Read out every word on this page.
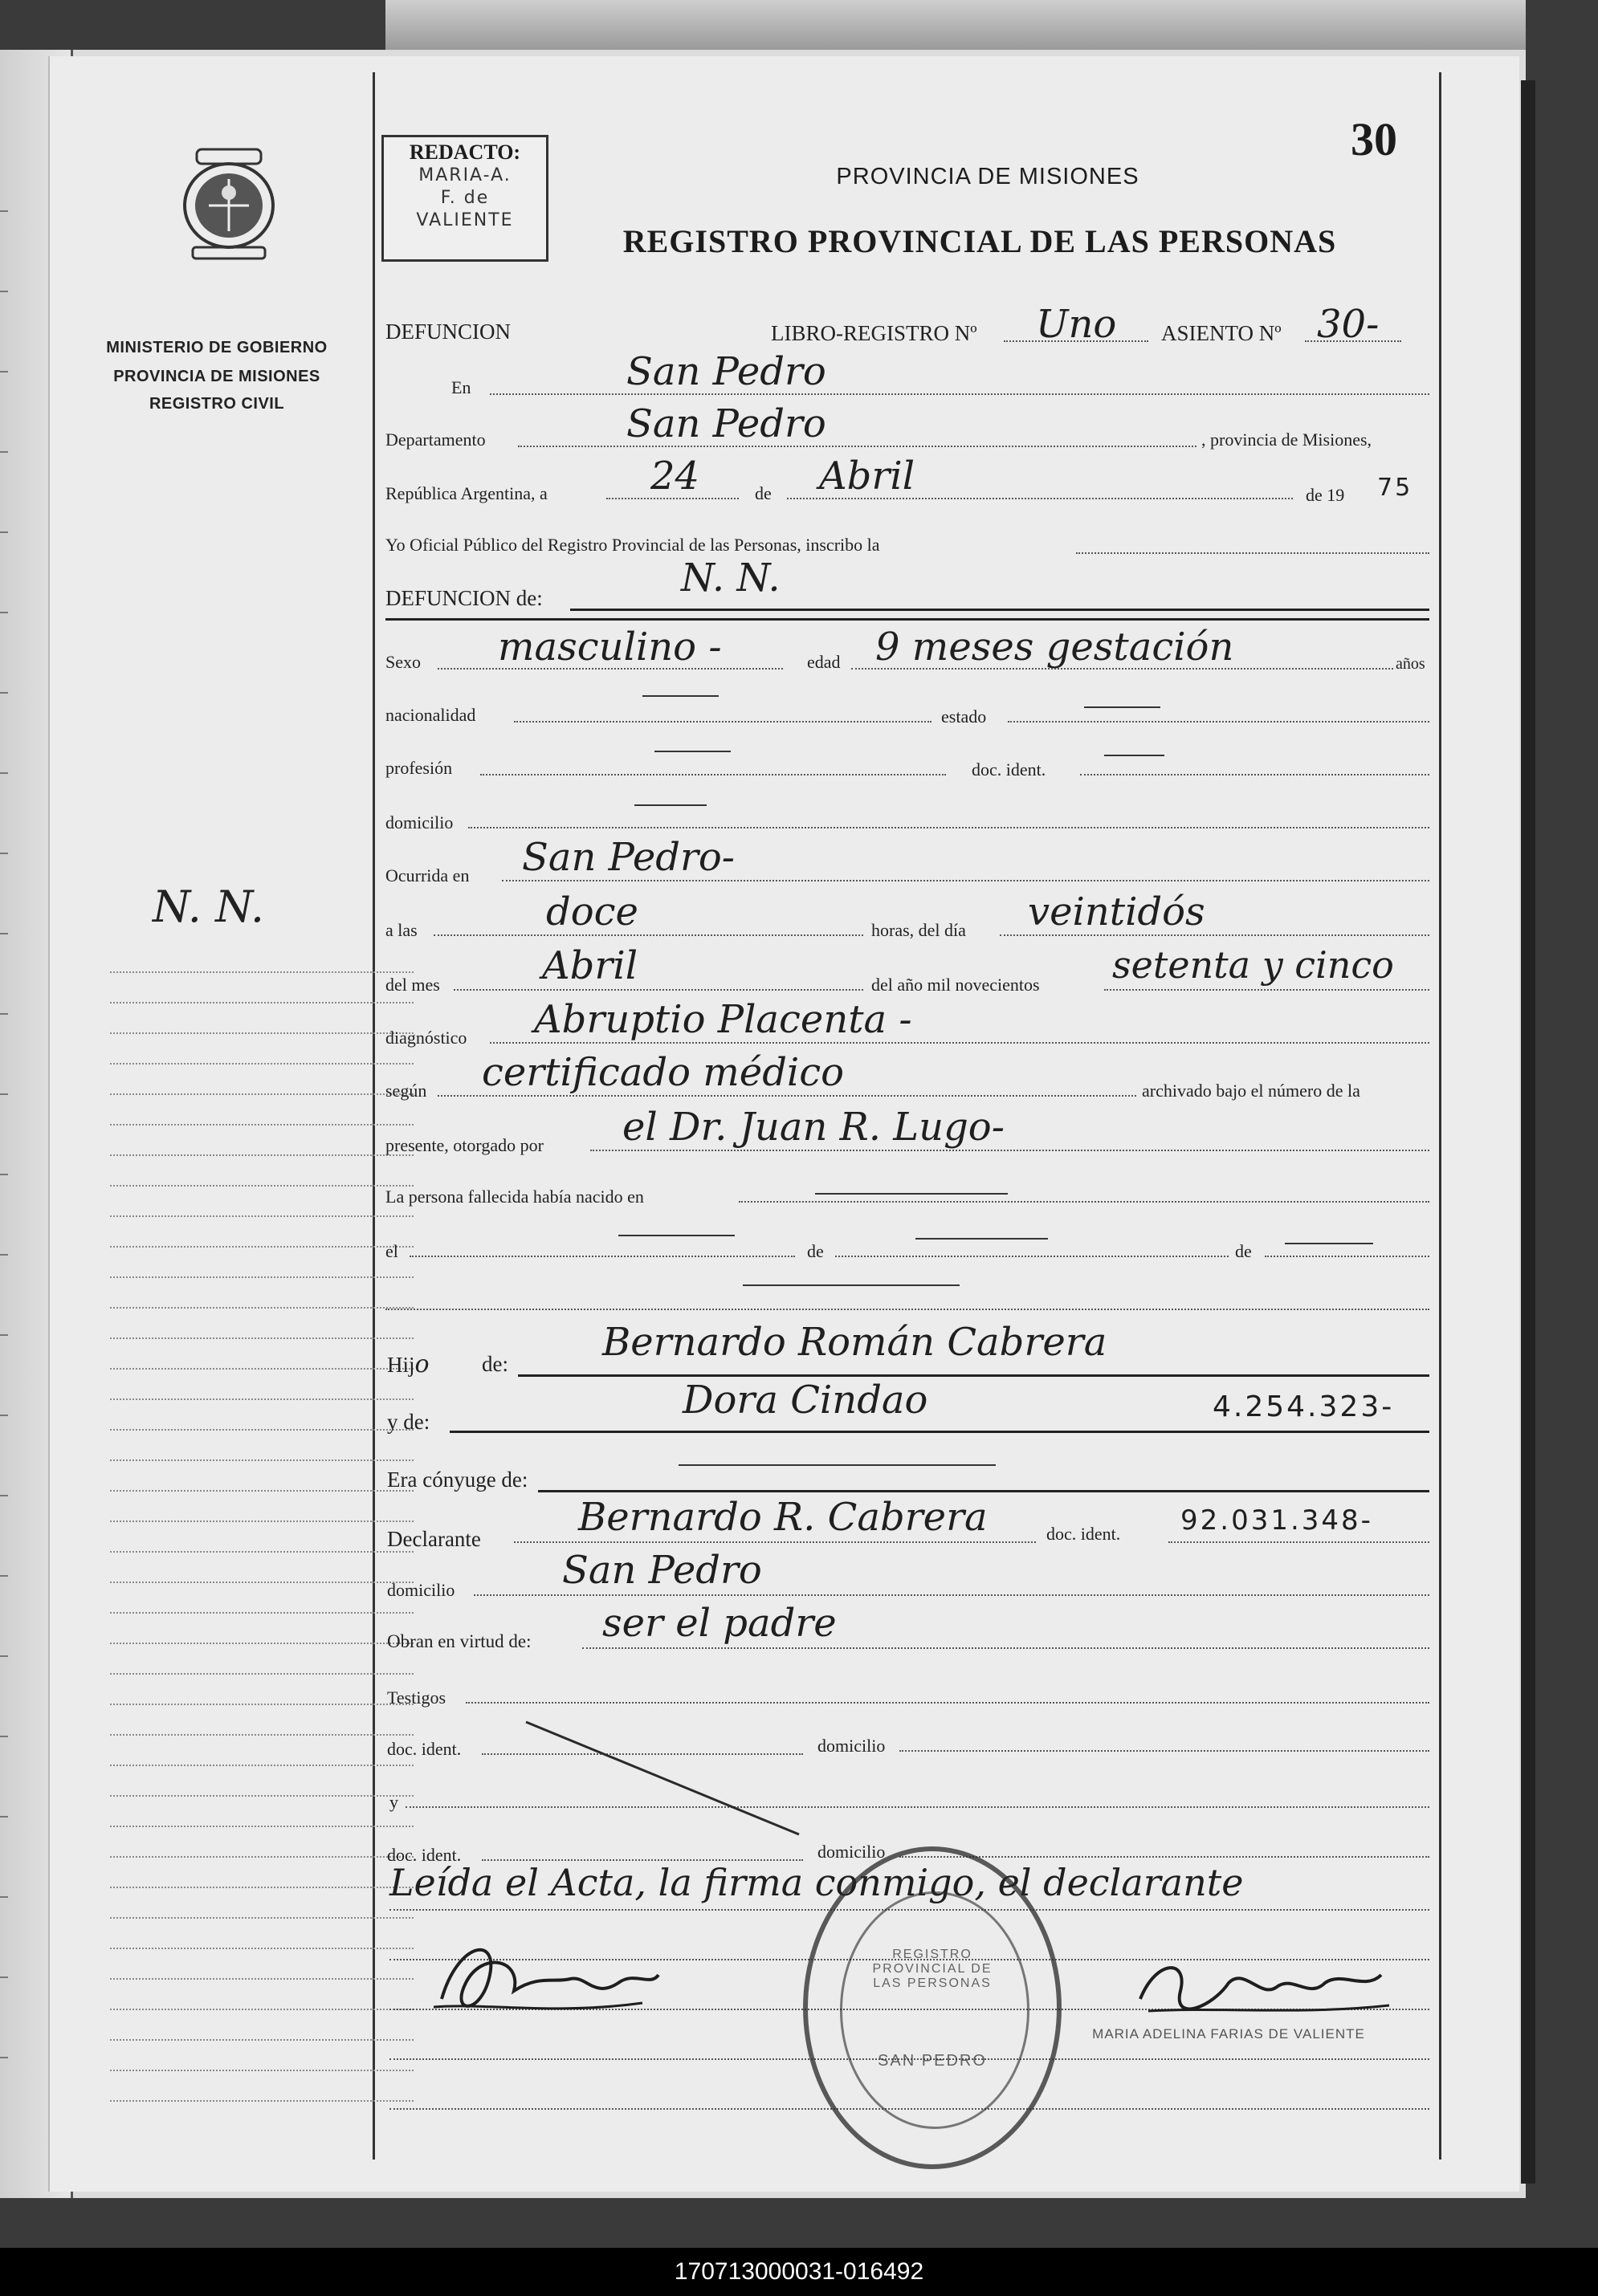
MINISTERIO DE GOBIERNO
PROVINCIA DE MISIONES
REGISTRO CIVIL
N. N.
REDACTO:
MARIA-A.
F. de
VALIENTE
30
PROVINCIA DE MISIONES
REGISTRO PROVINCIAL DE LAS PERSONAS
DEFUNCION	LIBRO-REGISTRO Nº Uno ASIENTO Nº 30-
En	San Pedro
Departamento	San Pedro	, provincia de Misiones,
República Argentina, a	24	de Abril	de 19 75
Yo Oficial Público del Registro Provincial de las Personas, inscribo la
DEFUNCION de:	N. N.
Sexo masculino -	edad 9 meses gestación	años
nacionalidad	estado
profesión	doc. ident.
domicilio
Ocurrida en San Pedro-
a las	doce	horas, del día veintidós
del mes	Abril	del año mil novecientos setenta y cinco
diagnóstico Abruptio Placenta -
según certificado médico	archivado bajo el número de la
presente, otorgado por el Dr. Juan R. Lugo-
La persona fallecida había nacido en
el	de	de
Hijo de: Bernardo Román Cabrera
y de:	Dora Cindao	4.254.323-
Era cónyuge de:
Declarante	Bernardo R. Cabrera	doc. ident. 92.031.348-
domicilio	San Pedro
Obran en virtud de: ser el padre
Testigos
doc. ident.	domicilio
y
doc. ident.	domicilio
Leída el Acta, la firma conmigo, el declarante
REGISTRO PROVINCIAL DE LAS PERSONAS
SAN PEDRO
MARIA ADELINA FARIAS DE VALIENTE
170713000031-016492
